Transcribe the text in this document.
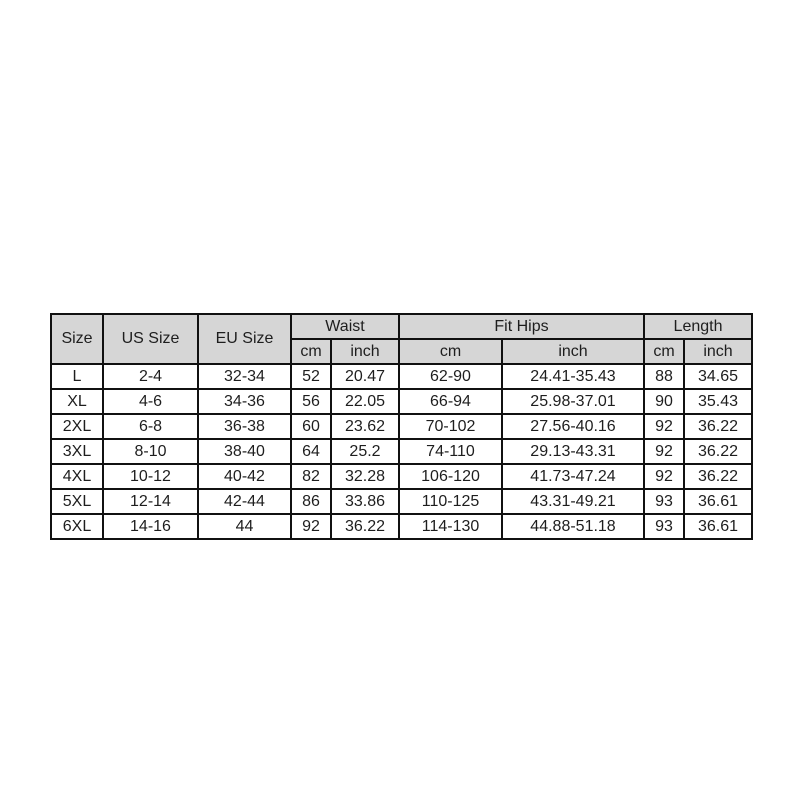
Size	US Size	EU Size	Waist		Fit Hips		Length	
			cm	inch	cm	inch	cm	inch
L	2-4	32-34	52	20.47	62-90	24.41-35.43	88	34.65
XL	4-6	34-36	56	22.05	66-94	25.98-37.01	90	35.43
2XL	6-8	36-38	60	23.62	70-102	27.56-40.16	92	36.22
3XL	8-10	38-40	64	25.2	74-110	29.13-43.31	92	36.22
4XL	10-12	40-42	82	32.28	106-120	41.73-47.24	92	36.22
5XL	12-14	42-44	86	33.86	110-125	43.31-49.21	93	36.61
6XL	14-16	44	92	36.22	114-130	44.88-51.18	93	36.61
